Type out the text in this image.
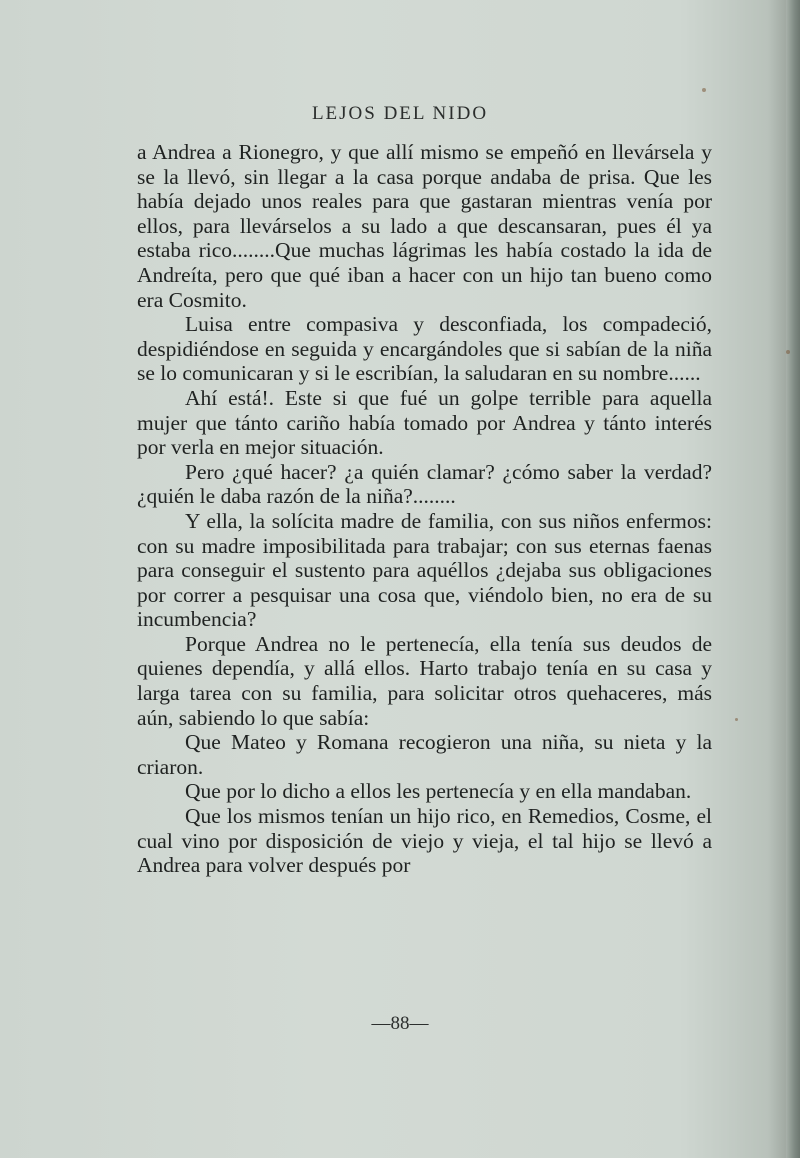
LEJOS DEL NIDO

a Andrea a Rionegro, y que allí mismo se empeñó en llevársela y se la llevó, sin llegar a la casa porque andaba de prisa. Que les había dejado unos reales para que gastaran mientras venía por ellos, para llevárselos a su lado a que descansaran, pues él ya estaba rico........Que muchas lágrimas les había costado la ida de Andreíta, pero que qué iban a hacer con un hijo tan bueno como era Cosmito.

Luisa entre compasiva y desconfiada, los compadeció, despidiéndose en seguida y encargándoles que si sabían de la niña se lo comunicaran y si le escribían, la saludaran en su nombre......

Ahí está!. Este si que fué un golpe terrible para aquella mujer que tánto cariño había tomado por Andrea y tánto interés por verla en mejor situación.

Pero ¿qué hacer? ¿a quién clamar? ¿cómo saber la verdad? ¿quién le daba razón de la niña?........

Y ella, la solícita madre de familia, con sus niños enfermos: con su madre imposibilitada para trabajar; con sus eternas faenas para conseguir el sustento para aquéllos ¿dejaba sus obligaciones por correr a pesquisar una cosa que, viéndolo bien, no era de su incumbencia?

Porque Andrea no le pertenecía, ella tenía sus deudos de quienes dependía, y allá ellos. Harto trabajo tenía en su casa y larga tarea con su familia, para solicitar otros quehaceres, más aún, sabiendo lo que sabía:

Que Mateo y Romana recogieron una niña, su nieta y la criaron.

Que por lo dicho a ellos les pertenecía y en ella mandaban.

Que los mismos tenían un hijo rico, en Remedios, Cosme, el cual vino por disposición de viejo y vieja, el tal hijo se llevó a Andrea para volver después por

—88—
